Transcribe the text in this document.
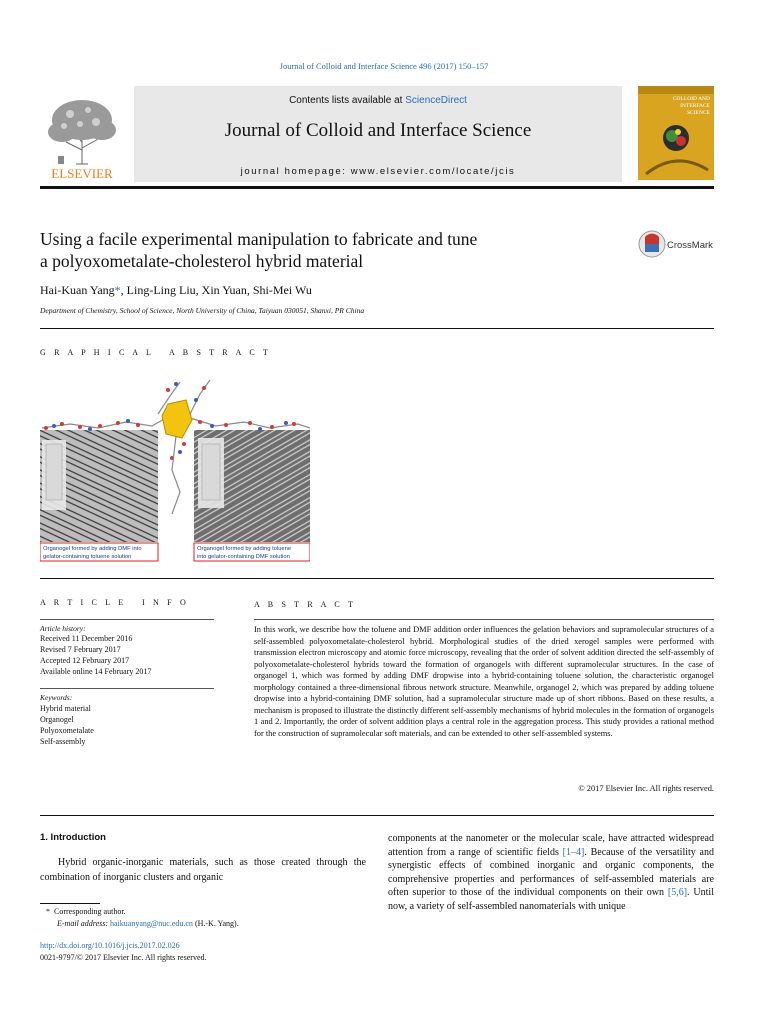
Journal of Colloid and Interface Science 496 (2017) 150–157
ELSEVIER
Contents lists available at ScienceDirect
Journal of Colloid and Interface Science
journal homepage: www.elsevier.com/locate/jcis
COLLOID AND
INTERFACE
SCIENCE
Using a facile experimental manipulation to fabricate and tune
a polyoxometalate-cholesterol hybrid material
CrossMark
Hai-Kuan Yang*, Ling-Ling Liu, Xin Yuan, Shi-Mei Wu
Department of Chemistry, School of Science, North University of China, Taiyuan 030051, Shanxi, PR China
G R A P H I C A L   A B S T R A C T
Organogel formed by adding DMF into
gelator-containing toluene solution
Organogel formed by adding toluene
into gelator-containing DMF solution
A R T I C L E   I N F O
Article history:
Received 11 December 2016
Revised 7 February 2017
Accepted 12 February 2017
Available online 14 February 2017
Keywords:
Hybrid material
Organogel
Polyoxometalate
Self-assembly
A B S T R A C T
In this work, we describe how the toluene and DMF addition order influences the gelation behaviors and supramolecular structures of a self-assembled polyoxometalate-cholesterol hybrid. Morphological studies of the dried xerogel samples were performed with transmission electron microscopy and atomic force microscopy, revealing that the order of solvent addition directed the self-assembly of polyoxometalate-cholesterol hybrids toward the formation of organogels with different supramolecular structures. In the case of organogel 1, which was formed by adding DMF dropwise into a hybrid-containing toluene solution, the characteristic organogel morphology contained a three-dimensional fibrous network structure. Meanwhile, organogel 2, which was prepared by adding toluene dropwise into a hybrid-containing DMF solution, had a supramolecular structure made up of short ribbons. Based on these results, a mechanism is proposed to illustrate the distinctly different self-assembly mechanisms of hybrid molecules in the formation of organogels 1 and 2. Importantly, the order of solvent addition plays a central role in the aggregation process. This study provides a rational method for the construction of supramolecular soft materials, and can be extended to other self-assembled systems.
© 2017 Elsevier Inc. All rights reserved.
1. Introduction
Hybrid organic-inorganic materials, such as those created through the combination of inorganic clusters and organic
components at the nanometer or the molecular scale, have attracted widespread attention from a range of scientific fields [1–4]. Because of the versatility and synergistic effects of combined inorganic and organic components, the comprehensive properties and performances of self-assembled materials are often superior to those of the individual components on their own [5,6]. Until now, a variety of self-assembled nanomaterials with unique
* Corresponding author.
E-mail address: haikuanyang@nuc.edu.cn (H.-K. Yang).
http://dx.doi.org/10.1016/j.jcis.2017.02.026
0021-9797/© 2017 Elsevier Inc. All rights reserved.
